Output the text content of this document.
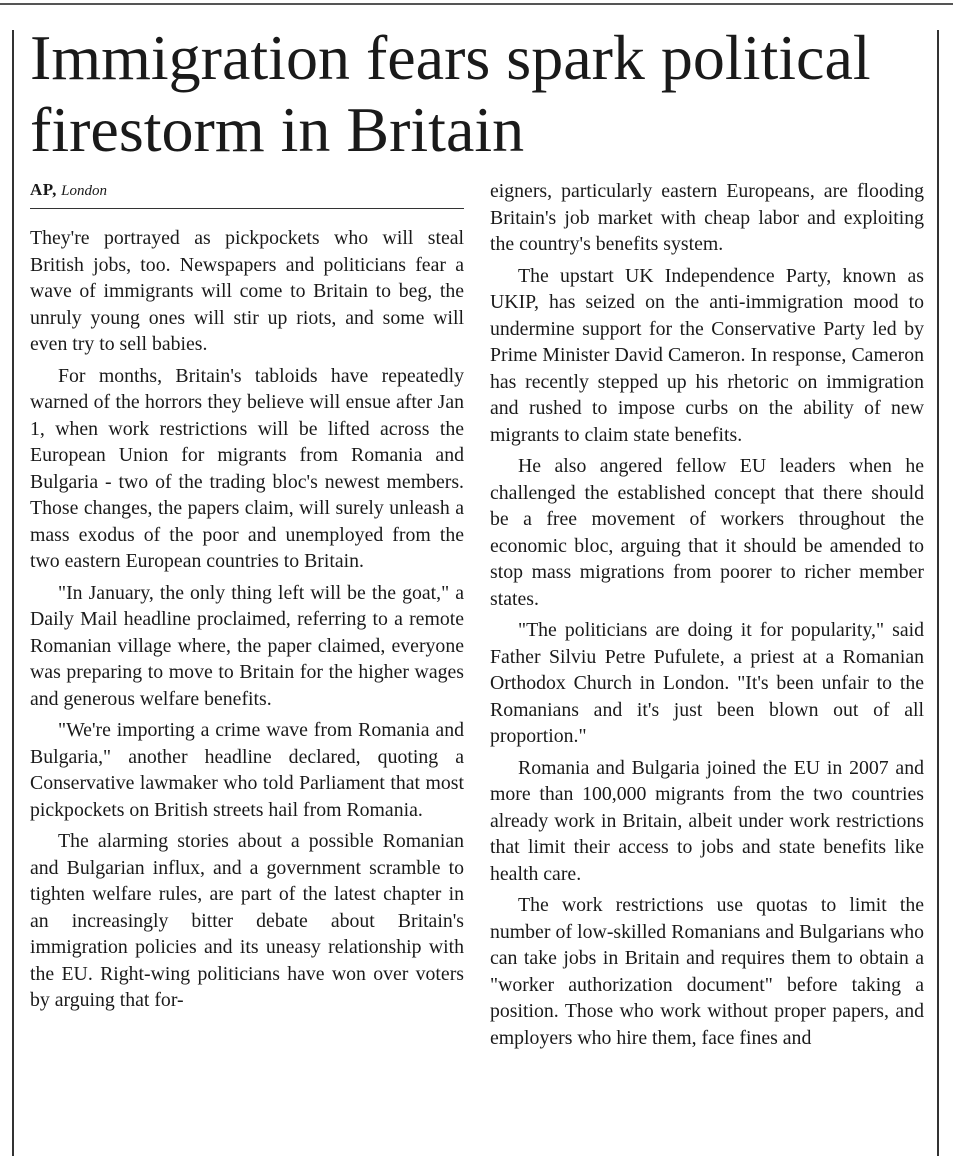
Immigration fears spark political firestorm in Britain
AP, London

They're portrayed as pickpockets who will steal British jobs, too. Newspapers and politicians fear a wave of immigrants will come to Britain to beg, the unruly young ones will stir up riots, and some will even try to sell babies.

For months, Britain's tabloids have repeatedly warned of the horrors they believe will ensue after Jan 1, when work restrictions will be lifted across the European Union for migrants from Romania and Bulgaria - two of the trading bloc's newest members. Those changes, the papers claim, will surely unleash a mass exodus of the poor and unemployed from the two eastern European countries to Britain.

"In January, the only thing left will be the goat," a Daily Mail headline proclaimed, referring to a remote Romanian village where, the paper claimed, everyone was preparing to move to Britain for the higher wages and generous welfare benefits.

"We're importing a crime wave from Romania and Bulgaria," another headline declared, quoting a Conservative lawmaker who told Parliament that most pickpockets on British streets hail from Romania.

The alarming stories about a possible Romanian and Bulgarian influx, and a government scramble to tighten welfare rules, are part of the latest chapter in an increasingly bitter debate about Britain's immigration policies and its uneasy relationship with the EU. Right-wing politicians have won over voters by arguing that for-

eigners, particularly eastern Europeans, are flooding Britain's job market with cheap labor and exploiting the country's benefits system.

The upstart UK Independence Party, known as UKIP, has seized on the anti-immigration mood to undermine support for the Conservative Party led by Prime Minister David Cameron. In response, Cameron has recently stepped up his rhetoric on immigration and rushed to impose curbs on the ability of new migrants to claim state benefits.

He also angered fellow EU leaders when he challenged the established concept that there should be a free movement of workers throughout the economic bloc, arguing that it should be amended to stop mass migrations from poorer to richer member states.

"The politicians are doing it for popularity," said Father Silviu Petre Pufulete, a priest at a Romanian Orthodox Church in London. "It's been unfair to the Romanians and it's just been blown out of all proportion."

Romania and Bulgaria joined the EU in 2007 and more than 100,000 migrants from the two countries already work in Britain, albeit under work restrictions that limit their access to jobs and state benefits like health care.

The work restrictions use quotas to limit the number of low-skilled Romanians and Bulgarians who can take jobs in Britain and requires them to obtain a "worker authorization document" before taking a position. Those who work without proper papers, and employers who hire them, face fines and
